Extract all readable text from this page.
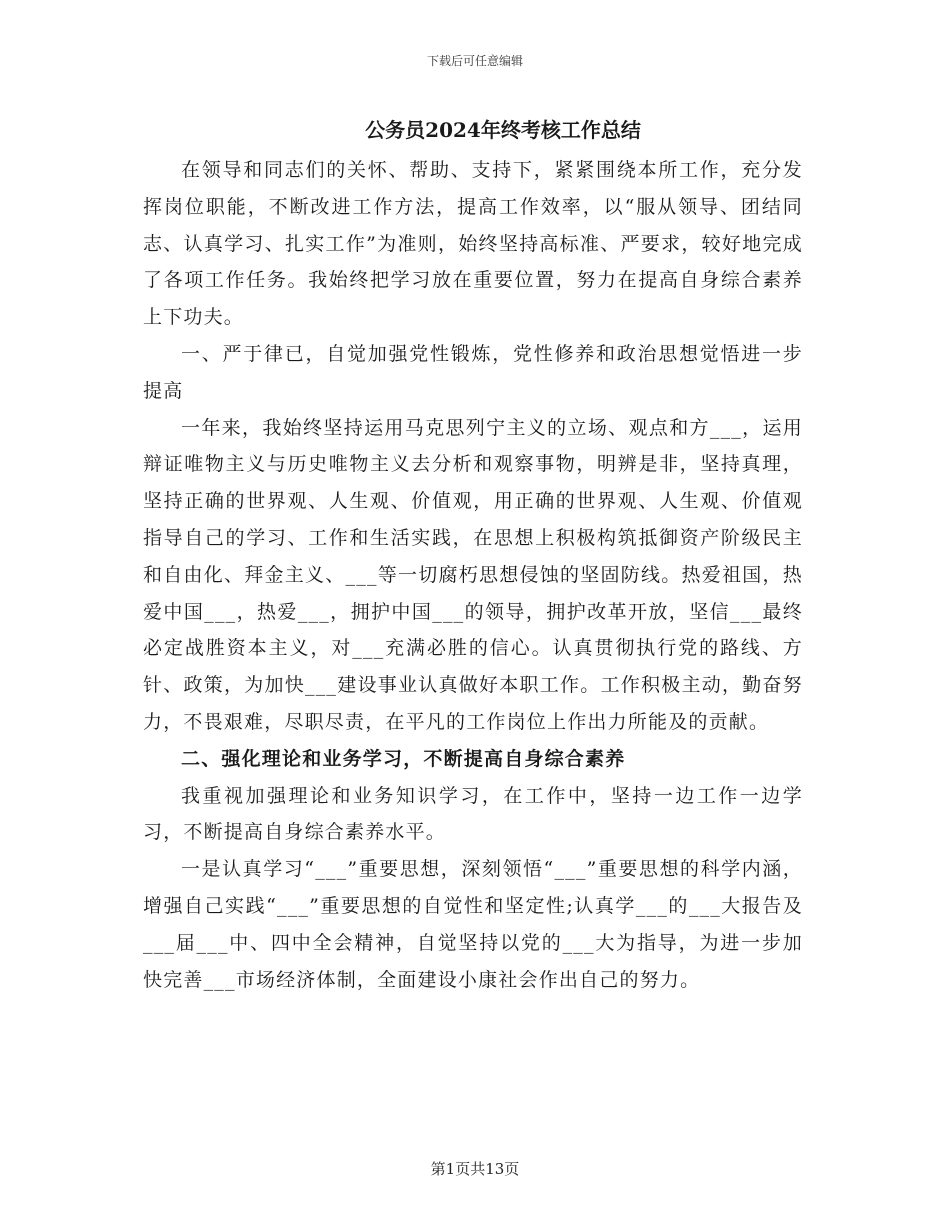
下载后可任意编辑
公务员2024年终考核工作总结

在领导和同志们的关怀、帮助、支持下，紧紧围绕本所工作，充分发挥岗位职能，不断改进工作方法，提高工作效率，以“服从领导、团结同志、认真学习、扎实工作”为准则，始终坚持高标准、严要求，较好地完成了各项工作任务。我始终把学习放在重要位置，努力在提高自身综合素养上下功夫。

一、严于律已，自觉加强党性锻炼，党性修养和政治思想觉悟进一步提高

一年来，我始终坚持运用马克思列宁主义的立场、观点和方___，运用辩证唯物主义与历史唯物主义去分析和观察事物，明辨是非，坚持真理，坚持正确的世界观、人生观、价值观，用正确的世界观、人生观、价值观指导自己的学习、工作和生活实践，在思想上积极构筑抵御资产阶级民主和自由化、拜金主义、___等一切腐朽思想侵蚀的坚固防线。热爱祖国，热爱中国___，热爱___，拥护中国___的领导，拥护改革开放，坚信___最终必定战胜资本主义，对___充满必胜的信心。认真贯彻执行党的路线、方针、政策，为加快___建设事业认真做好本职工作。工作积极主动，勤奋努力，不畏艰难，尽职尽责，在平凡的工作岗位上作出力所能及的贡献。

二、强化理论和业务学习，不断提高自身综合素养

我重视加强理论和业务知识学习，在工作中，坚持一边工作一边学习，不断提高自身综合素养水平。

一是认真学习“___”重要思想，深刻领悟“___”重要思想的科学内涵，增强自己实践“___”重要思想的自觉性和坚定性;认真学___的___大报告及___届___中、四中全会精神，自觉坚持以党的___大为指导，为进一步加快完善___市场经济体制，全面建设小康社会作出自己的努力。

第1页共13页
